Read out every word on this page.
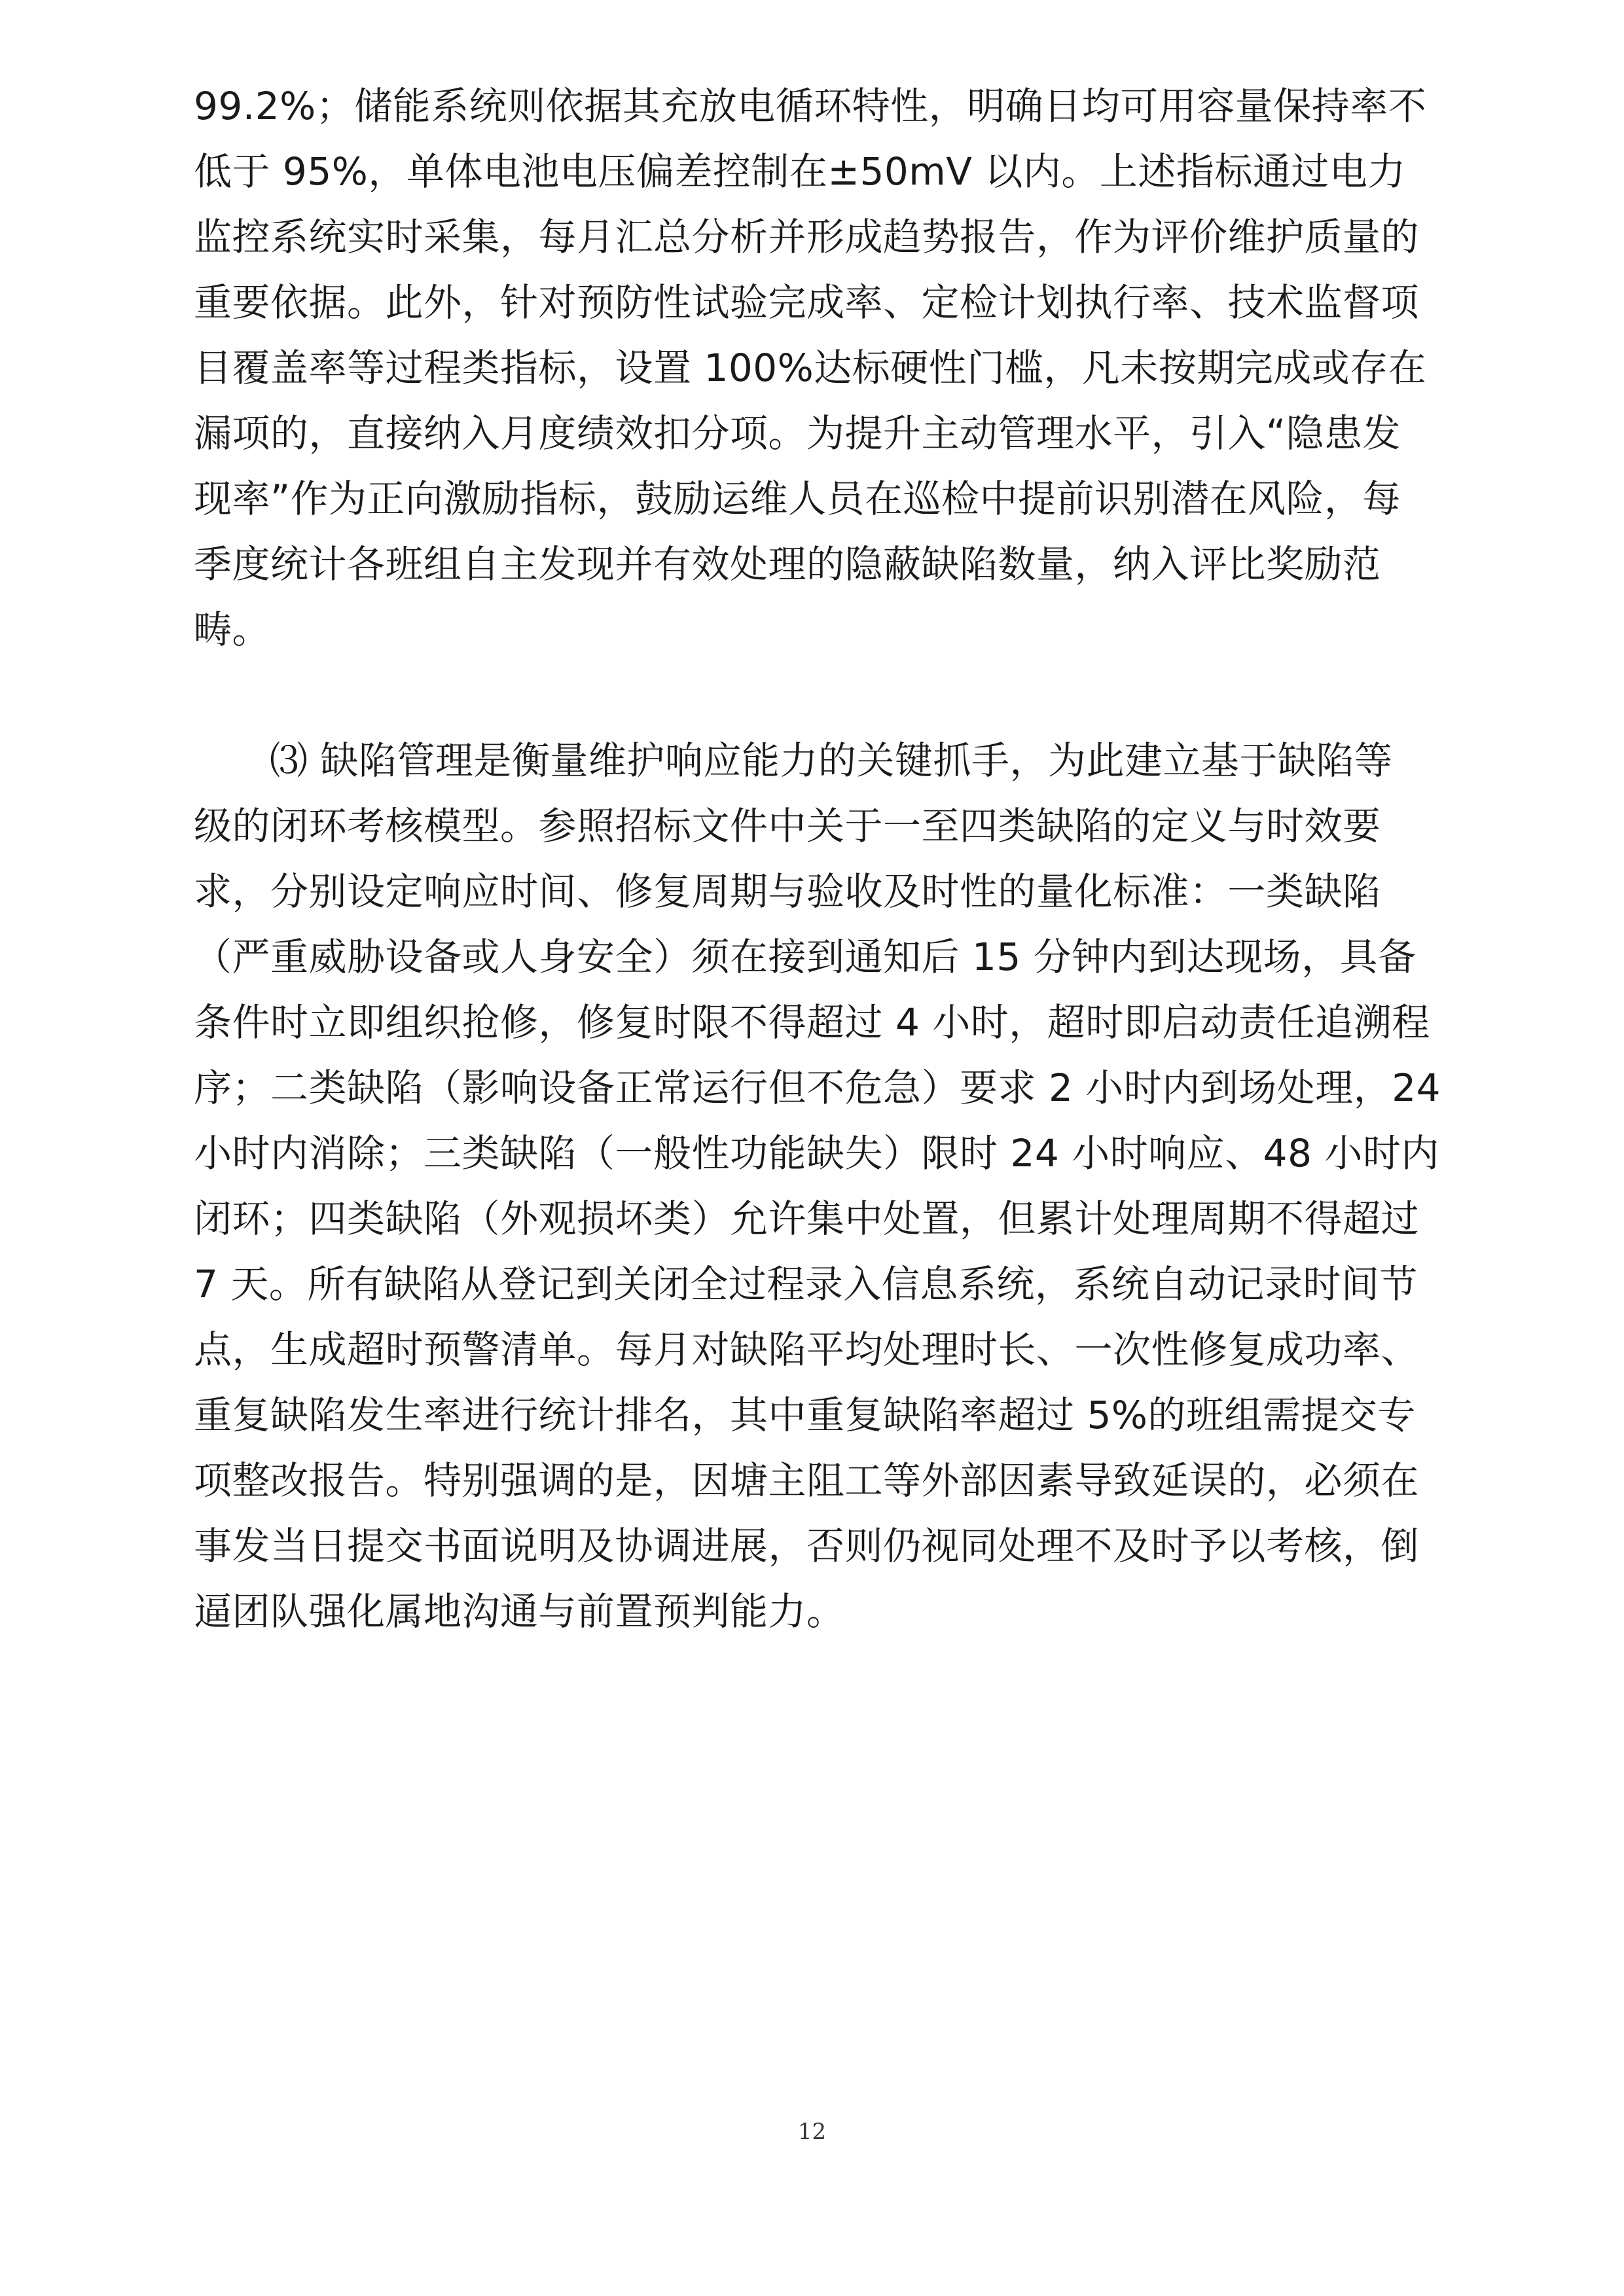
99.2%；储能系统则依据其充放电循环特性，明确日均可用容量保持率不
低于 95%，单体电池电压偏差控制在±50mV 以内。上述指标通过电力
监控系统实时采集，每月汇总分析并形成趋势报告，作为评价维护质量的
重要依据。此外，针对预防性试验完成率、定检计划执行率、技术监督项
目覆盖率等过程类指标，设置 100%达标硬性门槛，凡未按期完成或存在
漏项的，直接纳入月度绩效扣分项。为提升主动管理水平，引入“隐患发
现率”作为正向激励指标，鼓励运维人员在巡检中提前识别潜在风险，每
季度统计各班组自主发现并有效处理的隐蔽缺陷数量，纳入评比奖励范
畴。
⑶ 缺陷管理是衡量维护响应能力的关键抓手，为此建立基于缺陷等
级的闭环考核模型。参照招标文件中关于一至四类缺陷的定义与时效要
求，分别设定响应时间、修复周期与验收及时性的量化标准：一类缺陷
（严重威胁设备或人身安全）须在接到通知后 15 分钟内到达现场，具备
条件时立即组织抢修，修复时限不得超过 4 小时，超时即启动责任追溯程
序；二类缺陷（影响设备正常运行但不危急）要求 2 小时内到场处理，24
小时内消除；三类缺陷（一般性功能缺失）限时 24 小时响应、48 小时内
闭环；四类缺陷（外观损坏类）允许集中处置，但累计处理周期不得超过
7 天。所有缺陷从登记到关闭全过程录入信息系统，系统自动记录时间节
点，生成超时预警清单。每月对缺陷平均处理时长、一次性修复成功率、
重复缺陷发生率进行统计排名，其中重复缺陷率超过 5%的班组需提交专
项整改报告。特别强调的是，因塘主阻工等外部因素导致延误的，必须在
事发当日提交书面说明及协调进展，否则仍视同处理不及时予以考核，倒
逼团队强化属地沟通与前置预判能力。
12
